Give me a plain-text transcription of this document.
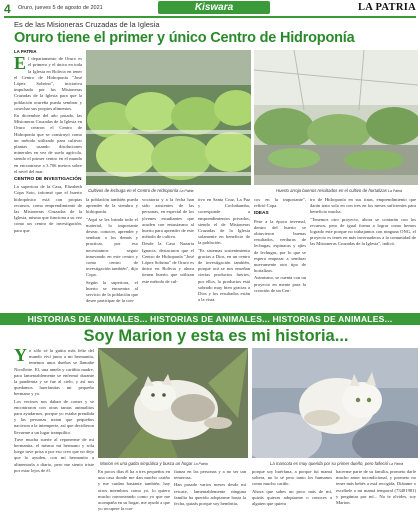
4 Oruro, jueves 5 de agosto de 2021	Kiswara	LA PATRIA
Es de las Misioneras Cruzadas de la Iglesia
Oruro tiene el primer y único Centro de Hidroponía
LA PATRIA
E l departamento de Oruro es el primero y el único en toda la Iglesia en Bolivia en tener el Centro de Hidroponía "José López Sobrino", iniciativa impulsada por las Misioneras Cruzadas de la Iglesia para que la población orureña pueda sembrar y cosechar sus propios alimentos.

En diciembre del año pasado, las Misioneras Cruzadas de la Iglesia en Oruro crearon el Centro de Hidroponía que se construyó como un método utilizado para cultivar plantas usando disoluciones minerales en vez de suelo agrícola, siendo el primer centro en el mundo en encontrarse a 3.706 metros sobre el nivel del mar.

CENTRO DE INVESTIGACIÓN

La superiora de la Casa, Elizabeth Copa Soto, informó que el huerto hidropónico está con propias recursos, como emprendimiento de las Misioneras Cruzadas de la Iglesia, misma que funciona a su vez como un centro de investigación, para que

Cultivos de lechuga en el Centro de Hidroponía La Patria	Huerto arroja buenos resultados en el cultivo de hortalizas La Patria

la población también pueda aprender de la siembra y hidroponía.

"Aquí se les brinda todo el material, lo importante desear, conocer, aprender y sembrar a los demás y practicar, por eso necesitamos seguir innovando en este centro y como centro de investigación también", dijo Copa.

Según la superiora, el huerto se encuentra al servicio de la población que desee participar de la con-

vocatoria y a la fecha han sido asistentes de las personas, en especial de los jóvenes estudiantes que acuden con entusiasmo al huerto para aprender de este método de cultivo.

Desde la Casa Nazaria Ignacia, destacaron que el Centro de Hidroponía "José López Sobrino" de Oruro es único en Bolivia y ahora tienen huerto que utilizan este método de cul-

tivo en Santa Cruz, La Paz y Cochabamba, corresponde a emprendimientos privados, siendo el de Misioneras Cruzadas de la Iglesia solamente en beneficio de la población.

"Es sistemas sostenimiento gracias a Dios, en un centro de investigación también, porque acá se nos enseñan ciertas productos fuertes, por ellos, lo productos está sobrado muy bien gracias a Dios y los resultados están a la vista.

cos en la importante", refirió Copa.

IDEAS

Pese a la época invernal, dentro del huerto se obtuvieron buenas resultados, verduras de lechugas, espinacas y ajíes de lechugas, por lo que se espera empezar a sembrar nuevamente otro tipo de hortalizas.

Asimismo, se cuenta con un proyecto en mente para la creación de un Cen-

tro de Hidroponía en sus tinas, emprendimiento que darán trato solo en con tres en los meses suficientes para beneficio mucha.

"Tenemos otro proyecto, ahora se contarán con los recursos, pero de igual forma a lograr como hemos logrado este porque no trabajamos con ninguna ONG, el proyecto es tenes en más invernaderos a la comunidad de las Misioneras Cruzadas de la Iglesia", indicó.

HISTORIAS DE ANIMALES... HISTORIAS DE ANIMALES... HISTORIAS DE ANIMALES...
Soy Marion y esta es mi historia...
Y o sólo sé la gatita más feliz del mundo viví junto a mi hermanita, tenemos unos dueños se llamabe Nicollette. El, una amela y cariñita madre, para lamentablemente se enfermó durante la pandemia y se fue al cielo, y así nos quedamos huerfanitas mi pequeño hermano y yo.

Los vecinos nos daban de comer y se encontraron con otras tantas animalitos para ayudarnos, porque yo estaba prendida y las personas tratan que pequeños nacieron a la intemperie, así que decidieron llevarme a un lugar tranquilito.

Tuve mucha suerte al reponerme de mi hermanita, el mismo mi hermano y sola luego tuve prisa a por eso creo que no dejo que lo ayuden, con mi hermanito a alimentarla a diario, pero me siento triste por estar lejos de él.

Marion es una gatita simpática y busca un hogar La Patria	La mascota es muy querida por su primer dueño, pero falleció La Patria

En pocos días él ha a tres pequeños en una casa donde me dan mucho cariño y me cuidan bastante también, hay otros miembros como yo, lo quiero mucho ronroneando como yo que me acompaña en su hogar, me ayudó a que yo recupere la con-

fianza en las personas y a no ser tan temerosa.

Han pasado varios meses desde mi rescate, lamentablemente ninguna familia ha querido adoptarme hasta la fecha, quizás porque soy hembrita,

porque soy huérfana, a porque fui mamá soltera, no lo sé pero tanto los humanos como mucho cariño.

Ahora que sabes un poco más de mí, quizás quieras adoptarme o conoces a alguien que quiera

hacerme parte de su familia, prometo darle mucho amor incondicional, y prometo no tener más bebés a está recogida, Diátame o escríbele a mi mamá temporal (73481981) y pregúntar por mí... No te olvides, soy Marion.
